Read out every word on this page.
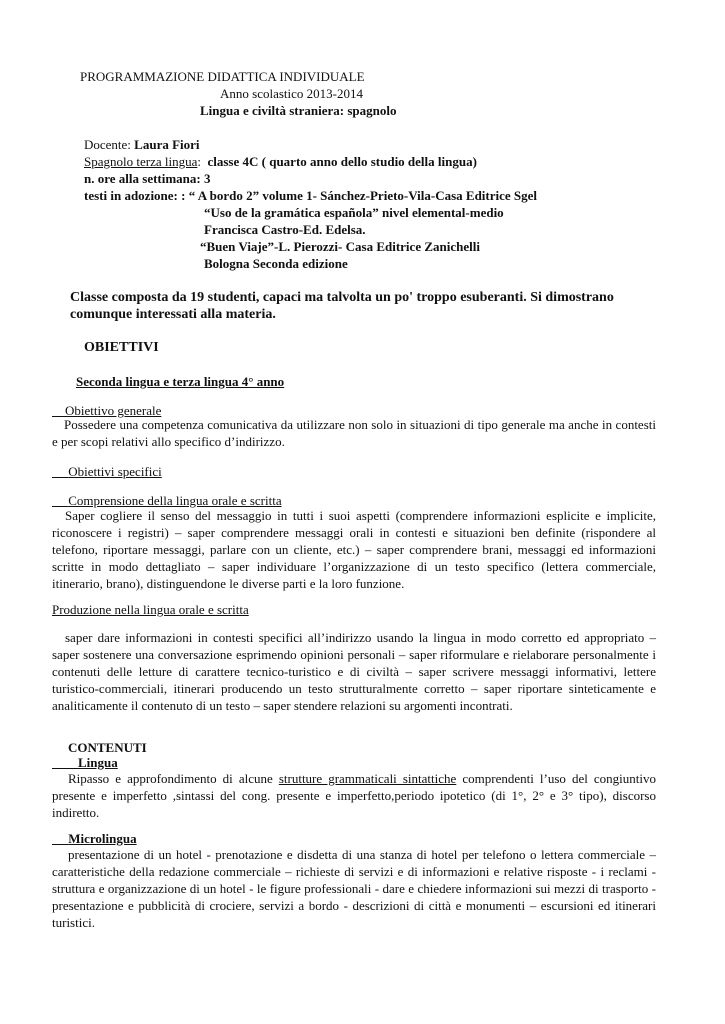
PROGRAMMAZIONE DIDATTICA INDIVIDUALE
Anno scolastico 2013-2014
Lingua e civiltà straniera: spagnolo
Docente: Laura Fiori
Spagnolo terza lingua: classe 4C ( quarto anno dello studio della lingua)
n. ore alla settimana: 3
testi in adozione: : “ A bordo 2” volume 1- Sánchez-Prieto-Vila-Casa Editrice Sgel
“Uso de la gramática española” nivel elemental-medio
Francisca Castro-Ed. Edelsa.
“Buen Viaje”-L. Pierozzi- Casa Editrice Zanichelli
Bologna Seconda edizione
Classe composta da 19 studenti, capaci ma talvolta un po' troppo esuberanti. Si dimostrano
comunque interessati alla materia.
OBIETTIVI
Seconda lingua e terza lingua 4° anno
Obiettivo generale
Possedere una competenza comunicativa da utilizzare non solo in situazioni di tipo generale ma anche in contesti e per scopi relativi allo specifico d’indirizzo.
Obiettivi specifici
Comprensione della lingua orale e scritta
Saper cogliere il senso del messaggio in tutti i suoi aspetti (comprendere informazioni esplicite e implicite, riconoscere i registri) – saper comprendere messaggi orali in contesti e situazioni ben definite (rispondere al telefono, riportare messaggi, parlare con un cliente, etc.) – saper comprendere brani, messaggi ed informazioni scritte in modo dettagliato – saper individuare l’organizzazione di un testo specifico (lettera commerciale, itinerario, brano), distinguendone le diverse parti e la loro funzione.
Produzione nella lingua orale e scritta
saper dare informazioni in contesti specifici all’indirizzo usando la lingua in modo corretto ed appropriato – saper sostenere una conversazione esprimendo opinioni personali – saper riformulare e rielaborare personalmente i contenuti delle letture di carattere tecnico-turistico e di civiltà – saper scrivere messaggi informativi, lettere turistico-commerciali, itinerari producendo un testo strutturalmente corretto – saper riportare sinteticamente e analiticamente il contenuto di un testo – saper stendere relazioni su argomenti incontrati.
CONTENUTI
Lingua
Ripasso e approfondimento di alcune strutture grammaticali sintattiche comprendenti l’uso del congiuntivo presente e imperfetto ,sintassi del cong. presente e imperfetto,periodo ipotetico (di 1°, 2° e 3° tipo), discorso indiretto.
Microlingua
presentazione di un hotel - prenotazione e disdetta di una stanza di hotel per telefono o lettera commerciale – caratteristiche della redazione commerciale – richieste di servizi e di informazioni e relative risposte - i reclami - struttura e organizzazione di un hotel - le figure professionali - dare e chiedere informazioni sui mezzi di trasporto - presentazione e pubblicità di crociere, servizi a bordo - descrizioni di città e monumenti – escursioni ed itinerari turistici.
